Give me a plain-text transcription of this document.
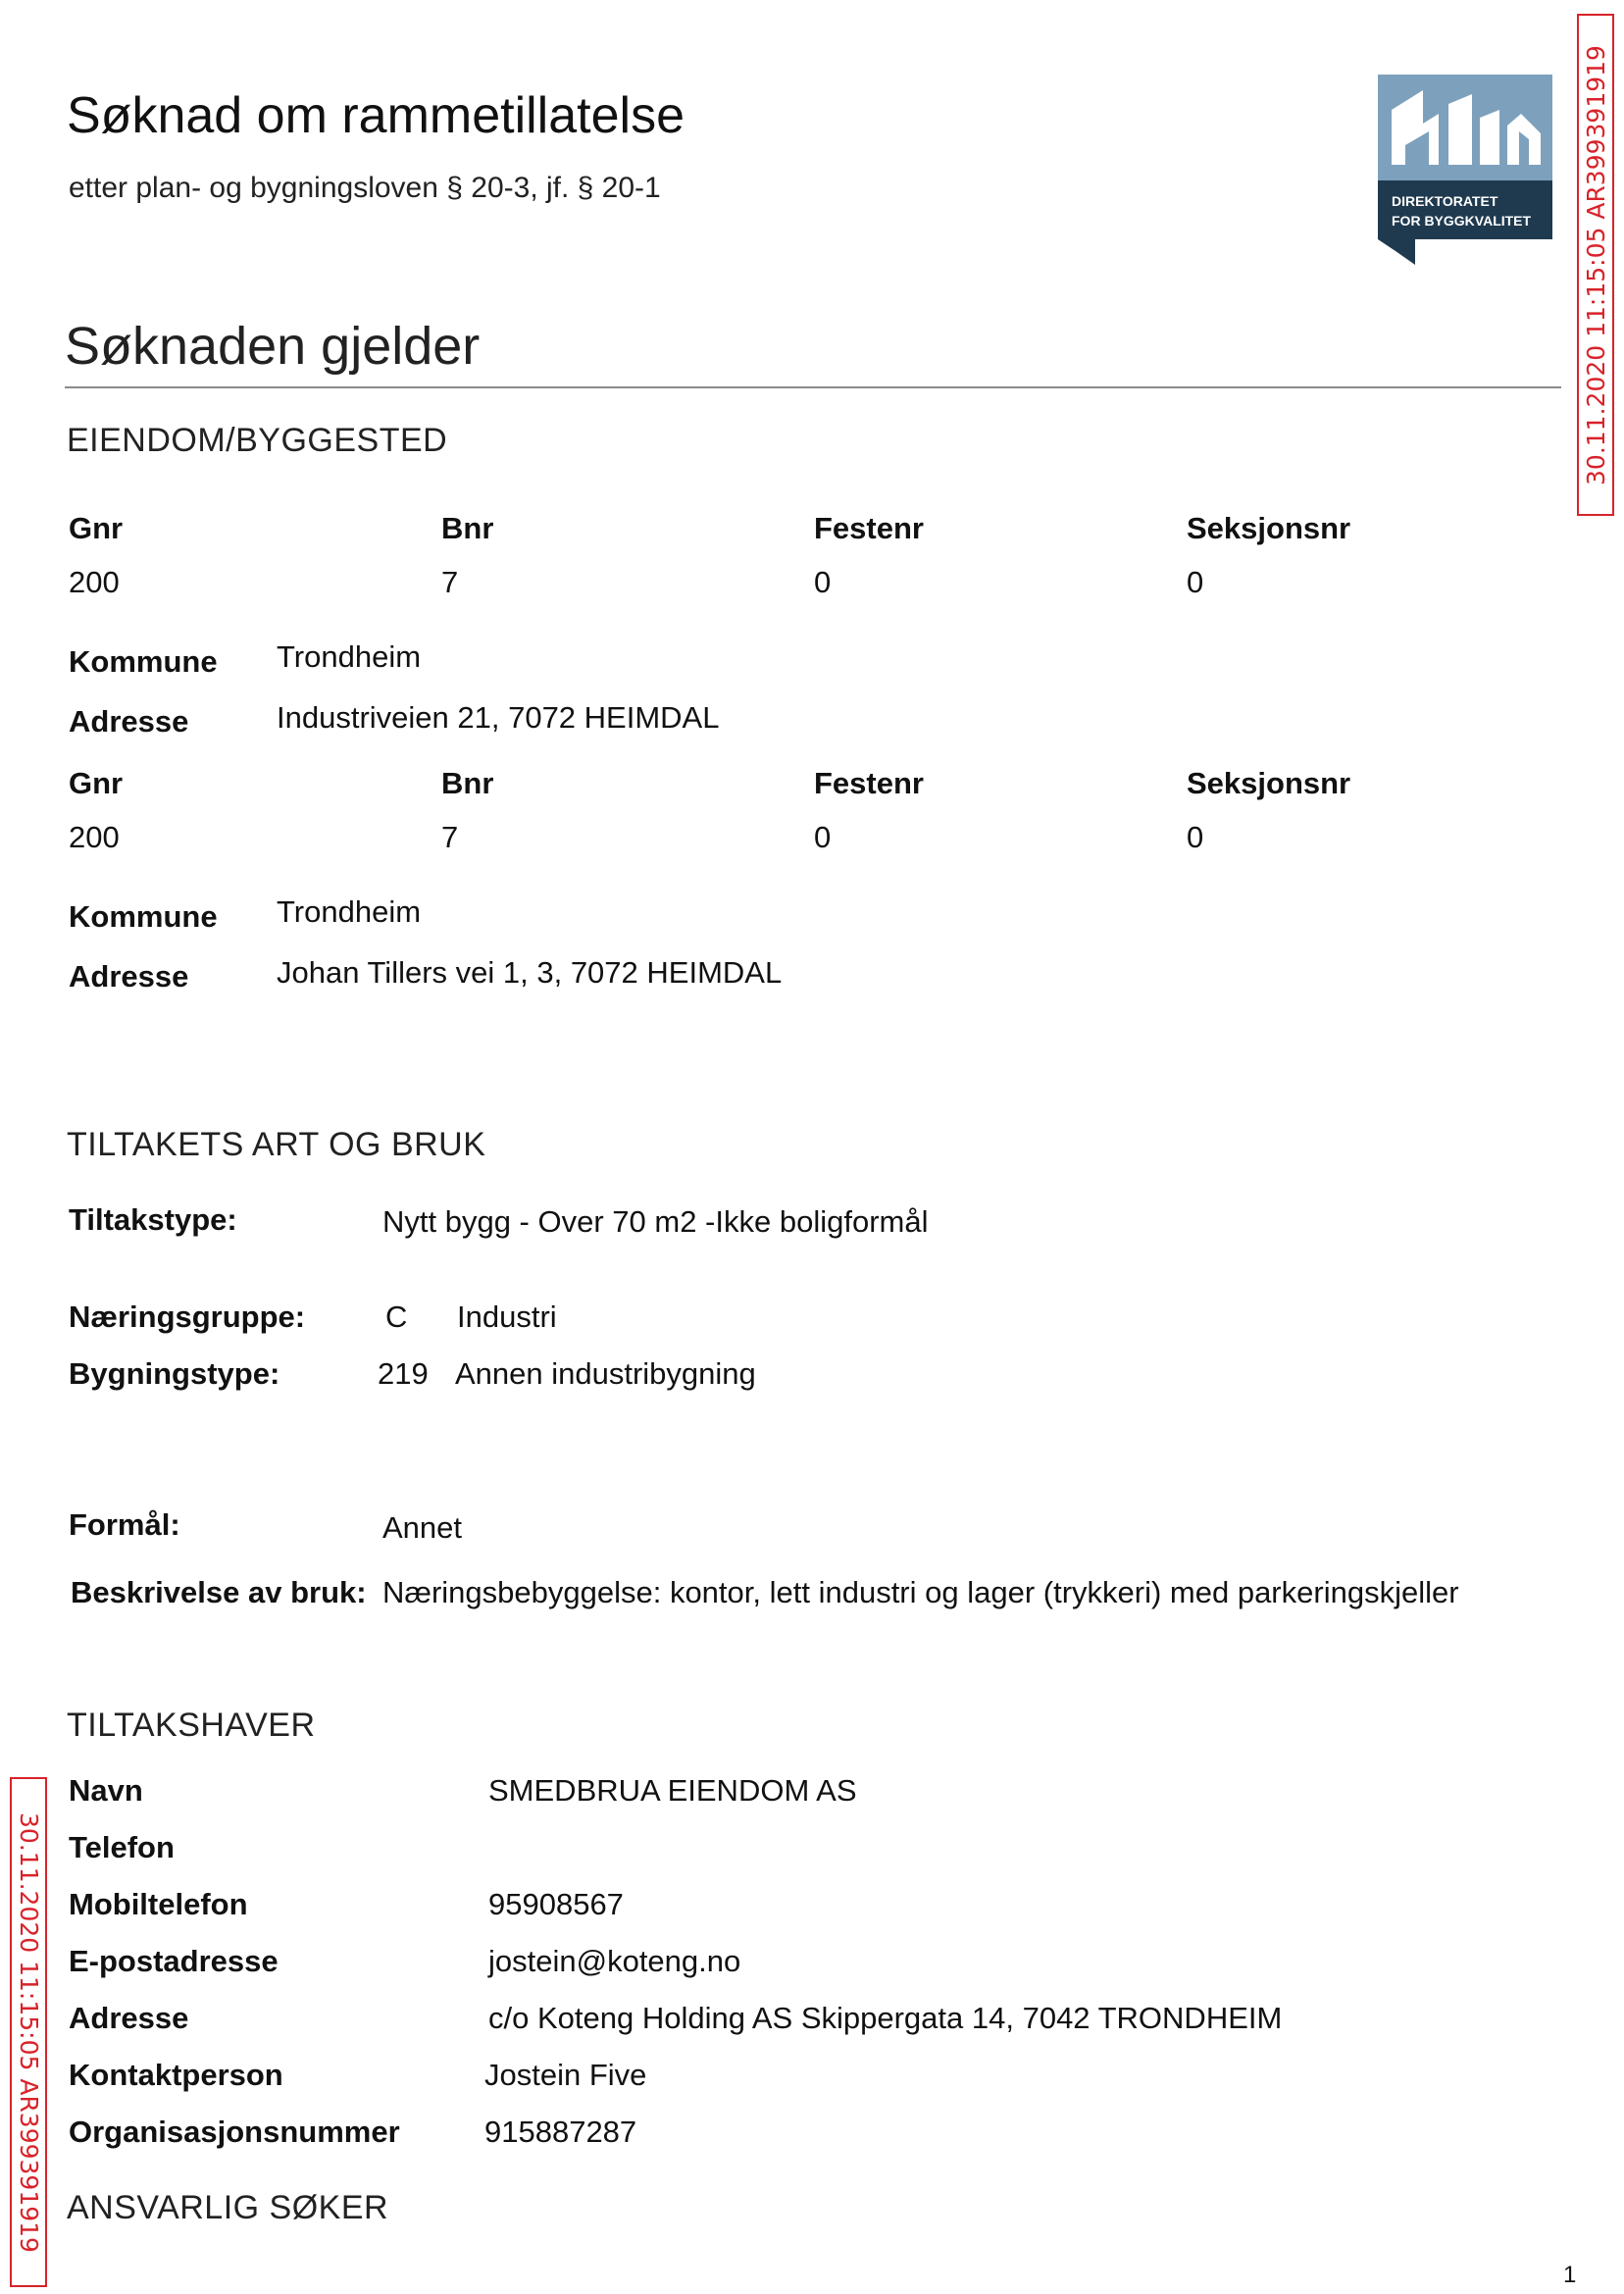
Søknad om rammetillatelse
etter plan- og bygningsloven § 20-3, jf. § 20-1	DIREKTORATET
FOR BYGGKVALITET 30.11.2020 11:15:05 AR399391919
30.11.2020 11:15:05 AR399391919
Søknaden gjelder
EIENDOM/BYGGESTED
Gnr	Bnr	Festenr	Seksjonsnr
200	7	0	0
Kommune Trondheim
Adresse	Industriveien 21, 7072 HEIMDAL
Gnr	Bnr	Festenr	Seksjonsnr
200	7	0	0
Kommune Trondheim
Adresse	Johan Tillers vei 1, 3, 7072 HEIMDAL
TILTAKETS ART OG BRUK
Tiltakstype:	Nytt bygg - Over 70 m2 -Ikke boligformål
Næringsgruppe:	C Industri
Bygningstype:	219 Annen industribygning
Formål:	Annet
Beskrivelse av bruk: Næringsbebyggelse: kontor, lett industri og lager (trykkeri) med parkeringskjeller
TILTAKSHAVER
Navn	SMEDBRUA EIENDOM AS
Telefon
Mobiltelefon	95908567
E-postadresse	jostein@koteng.no
Adresse	c/o Koteng Holding AS Skippergata 14, 7042 TRONDHEIM
Kontaktperson	Jostein Five
Organisasjonsnummer	915887287
ANSVARLIG SØKER
1
